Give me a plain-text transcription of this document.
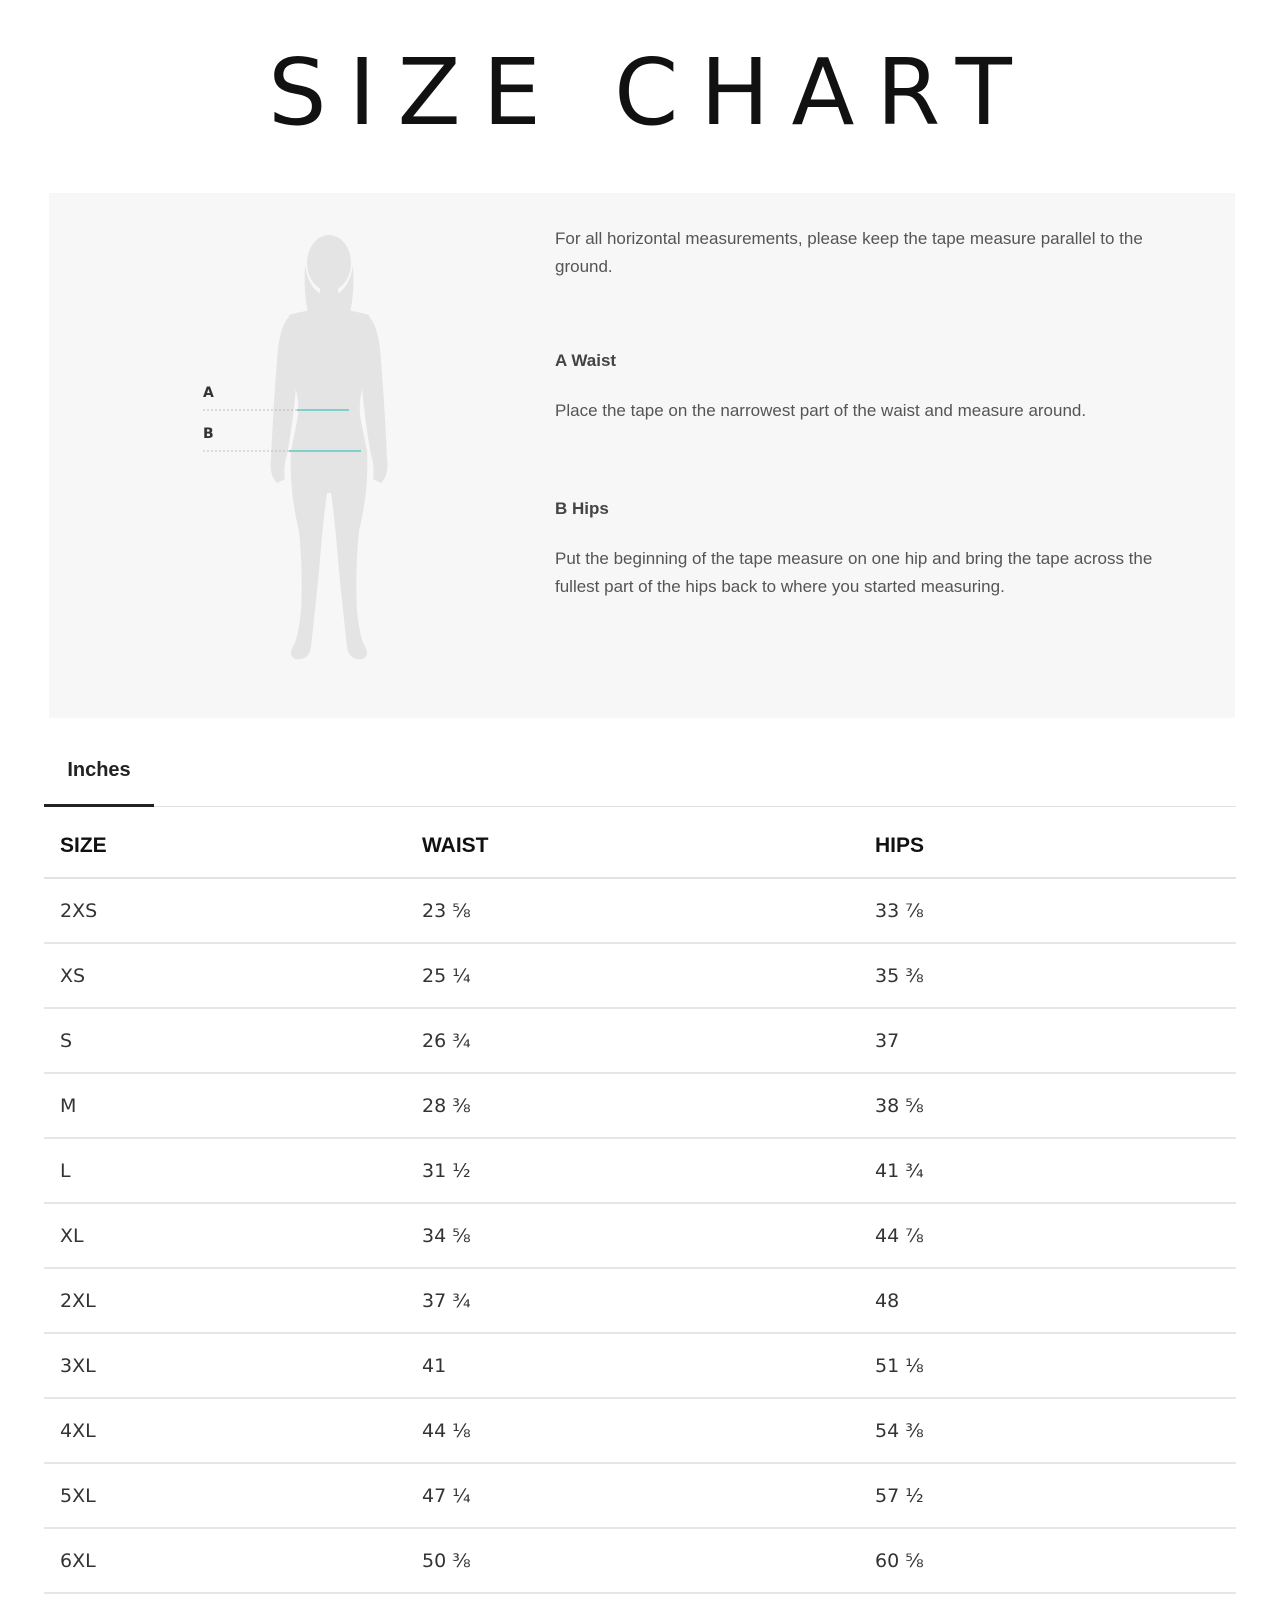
SIZE CHART
A
B

For all horizontal measurements, please keep the tape measure parallel to the ground.

A Waist

Place the tape on the narrowest part of the waist and measure around.

B Hips

Put the beginning of the tape measure on one hip and bring the tape across the fullest part of the hips back to where you started measuring.

Inches
SIZE	WAIST	HIPS
2XS	23 ⅝	33 ⅞
XS	25 ¼	35 ⅜
S	26 ¾	37
M	28 ⅜	38 ⅝
L	31 ½	41 ¾
XL	34 ⅝	44 ⅞
2XL	37 ¾	48
3XL	41	51 ⅛
4XL	44 ⅛	54 ⅜
5XL	47 ¼	57 ½
6XL	50 ⅜	60 ⅝
